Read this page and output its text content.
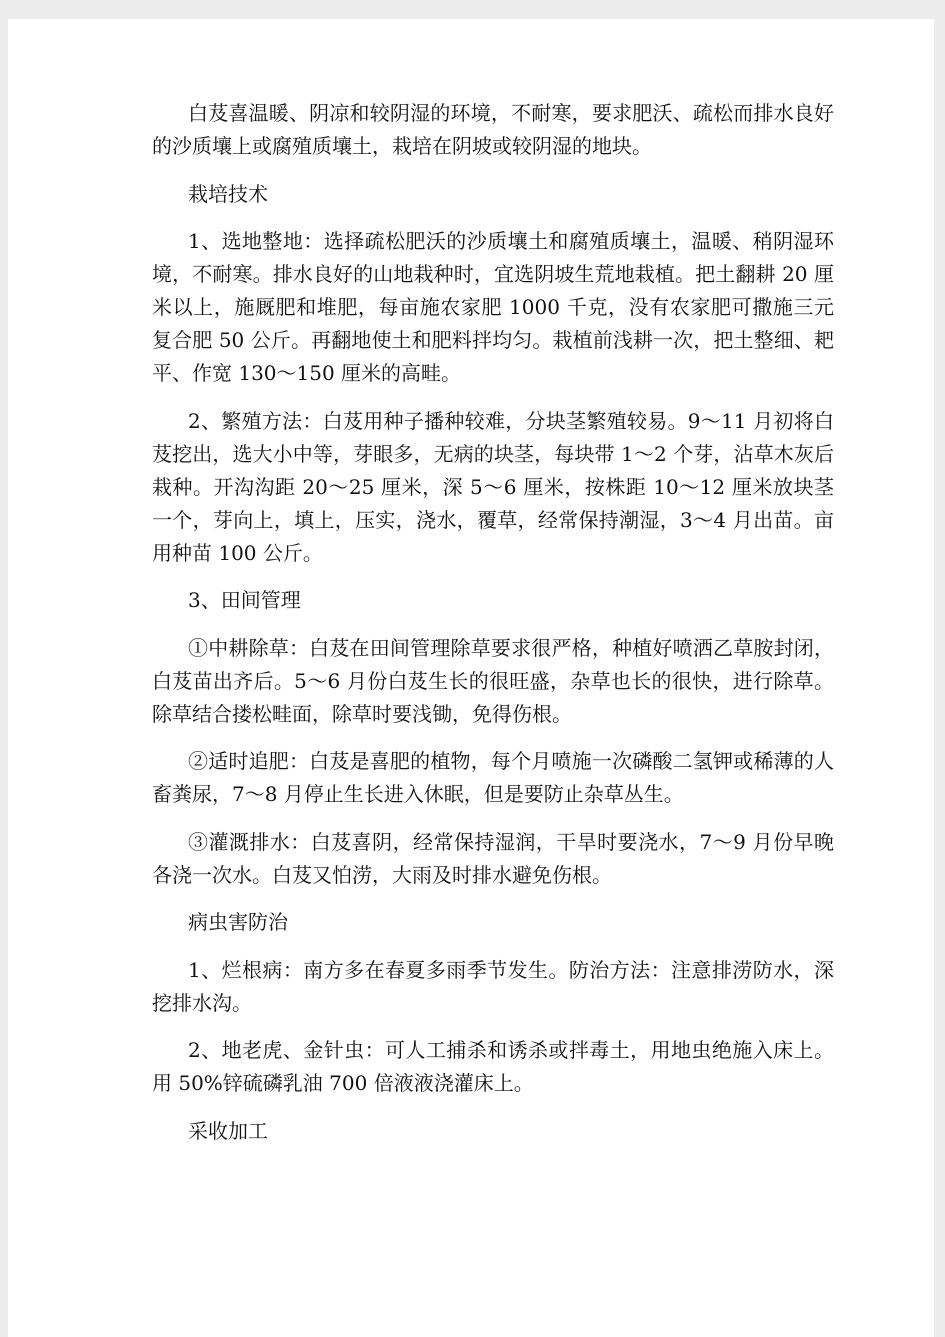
白芨喜温暖、阴凉和较阴湿的环境，不耐寒，要求肥沃、疏松而排水良好的沙质壤上或腐殖质壤土，栽培在阴坡或较阴湿的地块。

栽培技术

1、选地整地：选择疏松肥沃的沙质壤土和腐殖质壤土，温暖、稍阴湿环境，不耐寒。排水良好的山地栽种时，宜选阴坡生荒地栽植。把土翻耕 20 厘米以上，施厩肥和堆肥，每亩施农家肥 1000 千克，没有农家肥可撒施三元复合肥 50 公斤。再翻地使土和肥料拌均匀。栽植前浅耕一次，把土整细、耙平、作宽 130～150 厘米的高畦。

2、繁殖方法：白芨用种子播种较难，分块茎繁殖较易。9～11 月初将白芨挖出，选大小中等，芽眼多，无病的块茎，每块带 1～2 个芽，沾草木灰后栽种。开沟沟距 20～25 厘米，深 5～6 厘米，按株距 10～12 厘米放块茎一个，芽向上，填上，压实，浇水，覆草，经常保持潮湿，3～4 月出苗。亩用种苗 100 公斤。

3、田间管理

①中耕除草：白芨在田间管理除草要求很严格，种植好喷洒乙草胺封闭，白芨苗出齐后。5～6 月份白芨生长的很旺盛，杂草也长的很快，进行除草。除草结合搂松畦面，除草时要浅锄，免得伤根。

②适时追肥：白芨是喜肥的植物，每个月喷施一次磷酸二氢钾或稀薄的人畜粪尿，7～8 月停止生长进入休眠，但是要防止杂草丛生。

③灌溉排水：白芨喜阴，经常保持湿润，干旱时要浇水，7～9 月份早晚各浇一次水。白芨又怕涝，大雨及时排水避免伤根。

病虫害防治

1、烂根病：南方多在春夏多雨季节发生。防治方法：注意排涝防水，深挖排水沟。

2、地老虎、金针虫：可人工捕杀和诱杀或拌毒土，用地虫绝施入床上。用 50%锌硫磷乳油 700 倍液液浇灌床上。

采收加工
